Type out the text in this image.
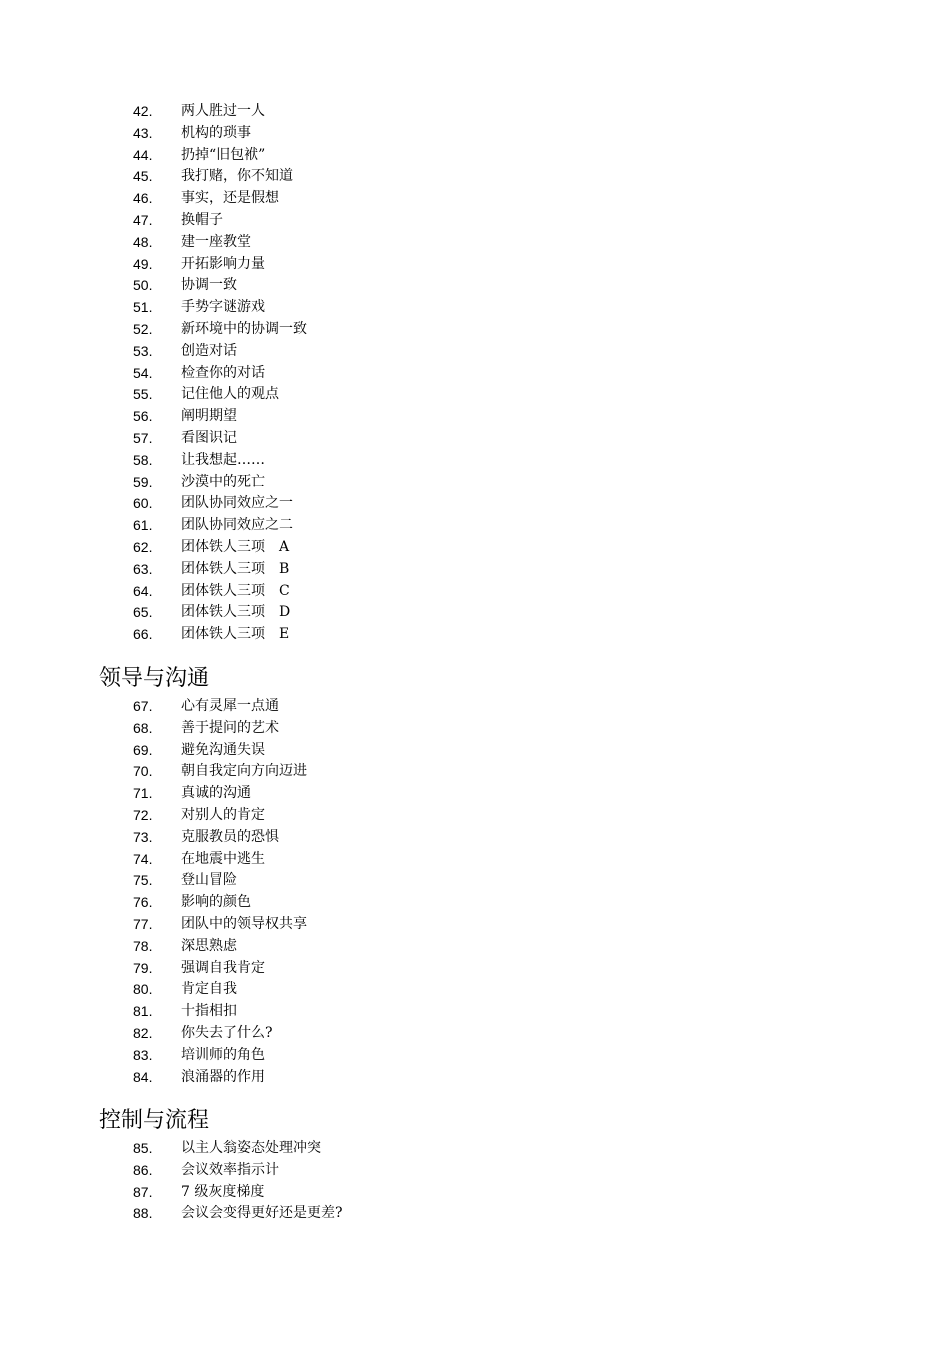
42. 两人胜过一人
43. 机构的琐事
44. 扔掉“旧包袱”
45. 我打赌，你不知道
46. 事实，还是假想
47. 换帽子
48. 建一座教堂
49. 开拓影响力量
50. 协调一致
51. 手势字谜游戏
52. 新环境中的协调一致
53. 创造对话
54. 检查你的对话
55. 记住他人的观点
56. 阐明期望
57. 看图识记
58. 让我想起……
59. 沙漠中的死亡
60. 团队协同效应之一
61. 团队协同效应之二
62. 团体铁人三项　A
63. 团体铁人三项　B
64. 团体铁人三项　C
65. 团体铁人三项　D
66. 团体铁人三项　E
领导与沟通
67. 心有灵犀一点通
68. 善于提问的艺术
69. 避免沟通失误
70. 朝自我定向方向迈进
71. 真诚的沟通
72. 对别人的肯定
73. 克服教员的恐惧
74. 在地震中逃生
75. 登山冒险
76. 影响的颜色
77. 团队中的领导权共享
78. 深思熟虑
79. 强调自我肯定
80. 肯定自我
81. 十指相扣
82. 你失去了什么?
83. 培训师的角色
84. 浪涌器的作用
控制与流程
85. 以主人翁姿态处理冲突
86. 会议效率指示计
87. 7 级灰度梯度
88. 会议会变得更好还是更差?
